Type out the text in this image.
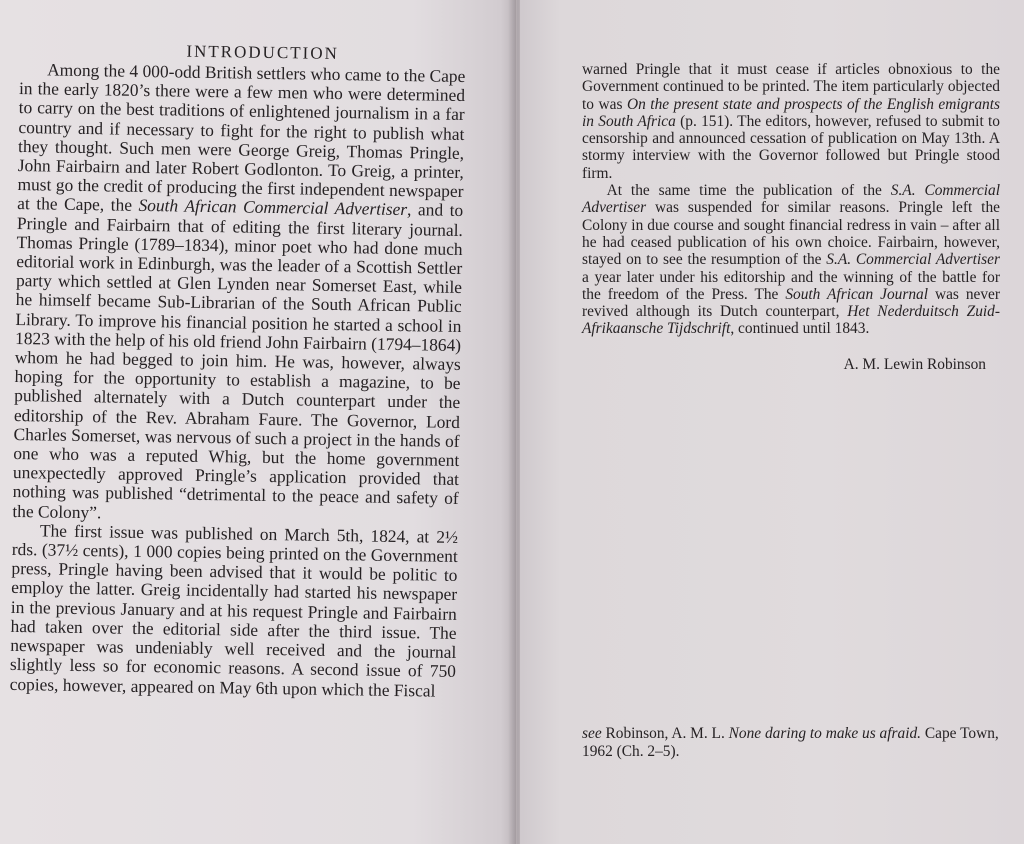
INTRODUCTION

Among the 4 000-odd British settlers who came to the Cape in the early 1820’s there were a few men who were determined to carry on the best traditions of enlightened journalism in a far country and if necessary to fight for the right to publish what they thought. Such men were George Greig, Thomas Pringle, John Fairbairn and later Robert Godlonton. To Greig, a printer, must go the credit of producing the first independent newspaper at the Cape, the South African Commercial Advertiser, and to Pringle and Fairbairn that of editing the first literary journal. Thomas Pringle (1789–1834), minor poet who had done much editorial work in Edinburgh, was the leader of a Scottish Settler party which settled at Glen Lynden near Somerset East, while he himself became Sub-Librarian of the South African Public Library. To improve his financial position he started a school in 1823 with the help of his old friend John Fairbairn (1794–1864) whom he had begged to join him. He was, however, always hoping for the opportunity to establish a magazine, to be published alternately with a Dutch counterpart under the editorship of the Rev. Abraham Faure. The Governor, Lord Charles Somerset, was nervous of such a project in the hands of one who was a reputed Whig, but the home government unexpectedly approved Pringle’s application provided that nothing was published “detrimental to the peace and safety of the Colony”.

The first issue was published on March 5th, 1824, at 2½ rds. (37½ cents), 1 000 copies being printed on the Government press, Pringle having been advised that it would be politic to employ the latter. Greig incidentally had started his newspaper in the previous January and at his request Pringle and Fairbairn had taken over the editorial side after the third issue. The newspaper was undeniably well received and the journal slightly less so for economic reasons. A second issue of 750 copies, however, appeared on May 6th upon which the Fiscal

warned Pringle that it must cease if articles obnoxious to the Government continued to be printed. The item particularly objected to was On the present state and prospects of the English emigrants in South Africa (p. 151). The editors, however, refused to submit to censorship and announced cessation of publication on May 13th. A stormy interview with the Governor followed but Pringle stood firm.

At the same time the publication of the S.A. Commercial Advertiser was suspended for similar reasons. Pringle left the Colony in due course and sought financial redress in vain – after all he had ceased publication of his own choice. Fairbairn, however, stayed on to see the resumption of the S.A. Commercial Advertiser a year later under his editorship and the winning of the battle for the freedom of the Press. The South African Journal was never revived although its Dutch counterpart, Het Nederduitsch Zuid-Afrikaansche Tijdschrift, continued until 1843.

A. M. Lewin Robinson
see Robinson, A. M. L. None daring to make us afraid. Cape Town, 1962 (Ch. 2–5).
